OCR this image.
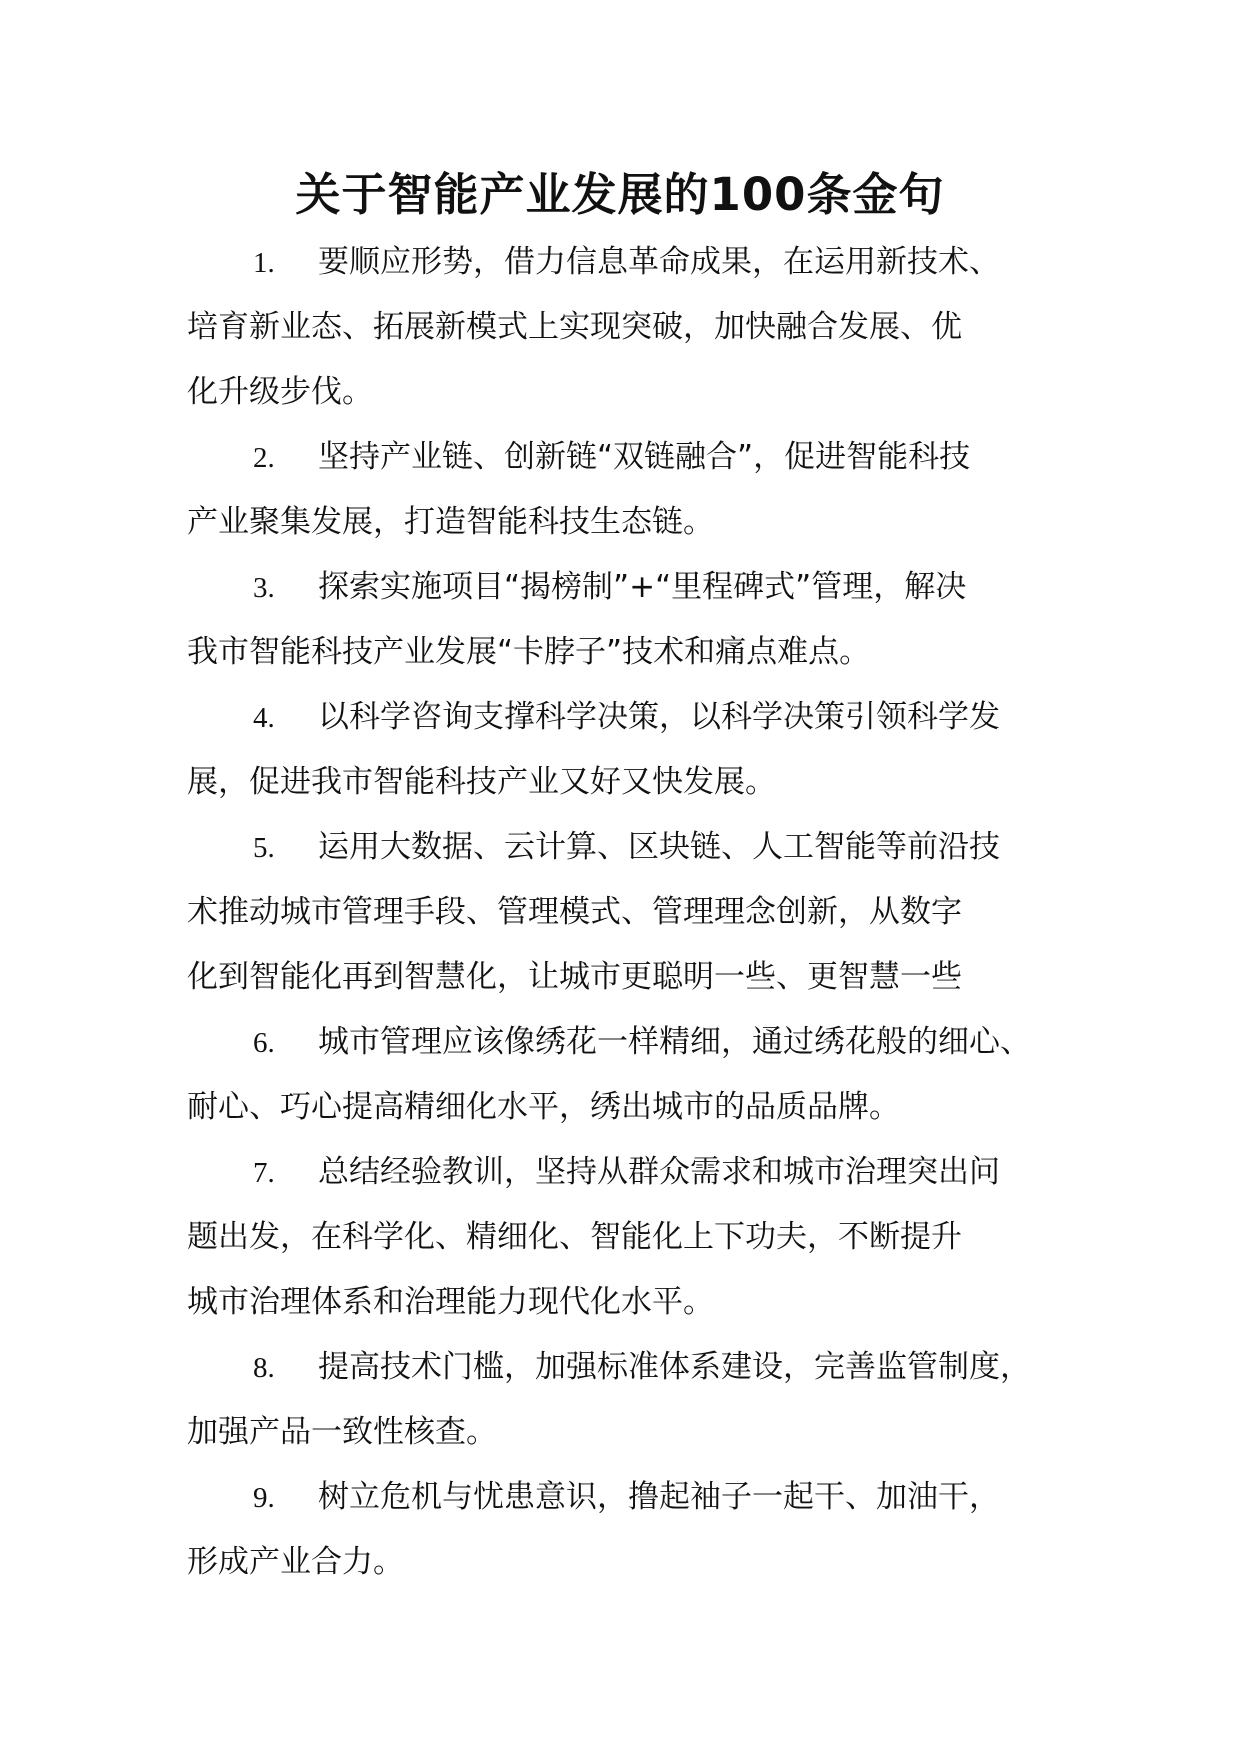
关于智能产业发展的100条金句
1. 要顺应形势，借力信息革命成果，在运用新技术、
培育新业态、拓展新模式上实现突破，加快融合发展、优
化升级步伐。
2. 坚持产业链、创新链“双链融合”，促进智能科技
产业聚集发展，打造智能科技生态链。
3. 探索实施项目“揭榜制”+“里程碑式”管理，解决
我市智能科技产业发展“卡脖子”技术和痛点难点。
4. 以科学咨询支撑科学决策，以科学决策引领科学发
展，促进我市智能科技产业又好又快发展。
5. 运用大数据、云计算、区块链、人工智能等前沿技
术推动城市管理手段、管理模式、管理理念创新，从数字
化到智能化再到智慧化，让城市更聪明一些、更智慧一些
6. 城市管理应该像绣花一样精细，通过绣花般的细心、
耐心、巧心提高精细化水平，绣出城市的品质品牌。
7. 总结经验教训，坚持从群众需求和城市治理突出问
题出发，在科学化、精细化、智能化上下功夫，不断提升
城市治理体系和治理能力现代化水平。
8. 提高技术门槛，加强标准体系建设，完善监管制度，
加强产品一致性核查。
9. 树立危机与忧患意识，撸起袖子一起干、加油干，
形成产业合力。
